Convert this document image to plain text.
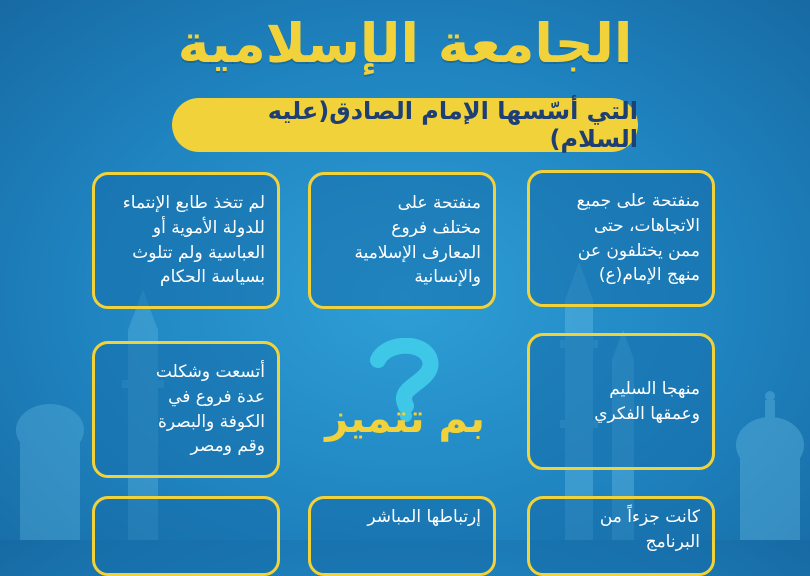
الجامعة الإسلامية
التي أسّسها الإمام الصادق(عليه السلام)
منفتحة على جميع
الاتجاهات، حتى
ممن يختلفون عن
منهج الإمام(ع)
منفتحة على
مختلف فروع
المعارف الإسلامية
والإنسانية
لم تتخذ طابع الإنتماء
للدولة الأموية أو
العباسية ولم تتلوث
بسياسة الحكام
منهجا السليم
وعمقها الفكري
أتسعت وشكلت
عدة فروع في
الكوفة والبصرة
وقم ومصر
كانت جزءاً من البرنامج
إرتباطها المباشر
بم تتميز
